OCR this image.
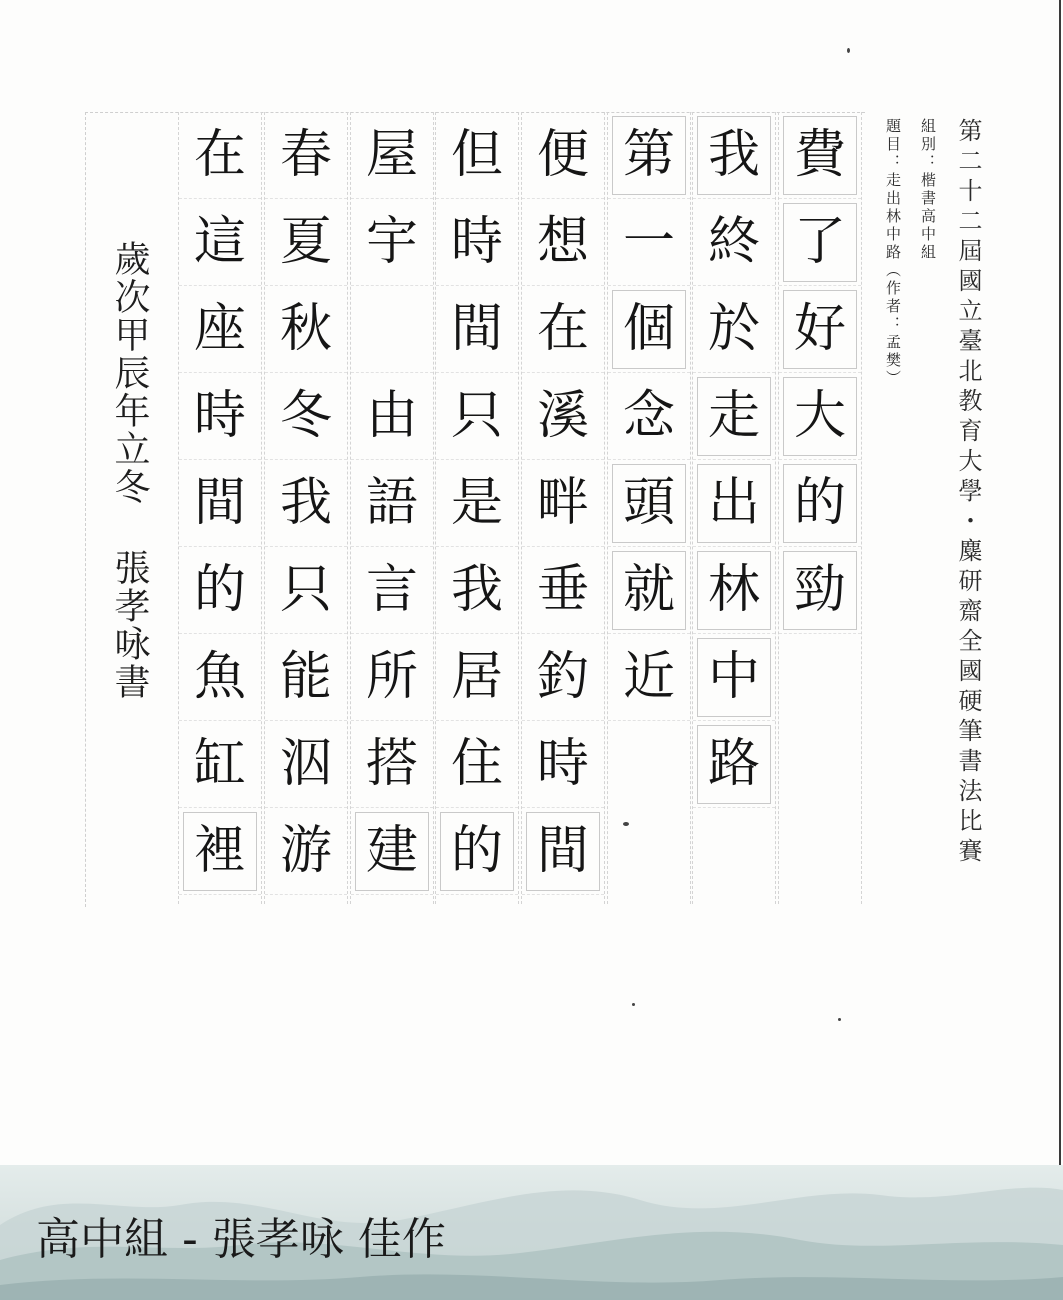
第二十二屆國立臺北教育大學・麋研齋全國硬筆書法比賽
組別：楷書高中組
題目：走出林中路（作者：孟樊）
費
了
好
大
的
勁
我
終
於
走
出
林
中
路
第
一
個
念
頭
就
近
便
想
在
溪
畔
垂
釣
時
間
但
時
間
只
是
我
居
住
的
屋
宇
由
語
言
所
搭
建
春
夏
秋
冬
我
只
能
泅
游
在
這
座
時
間
的
魚
缸
裡
歲次甲辰年立冬 張孝咏書
高中組 - 張孝咏 佳作
